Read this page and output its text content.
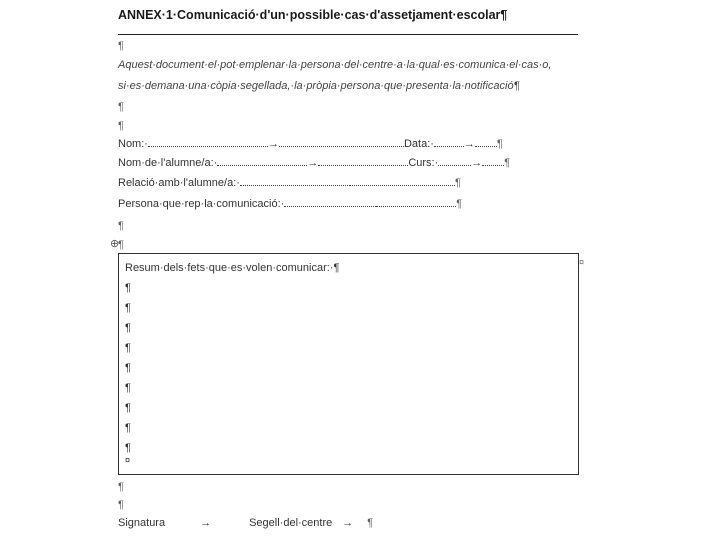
ANNEX·1·Comunicació·d'un·possible·cas·d'assetjament·escolar¶
¶
Aquest·document·el·pot·emplenar·la·persona·del·centre·a·la·qual·es·comunica·el·cas·o,
si·es·demana·una·còpia·segellada,·la·pròpia·persona·que·presenta·la·notificació¶
¶
¶
Nom:·	→	Data:·	→ ¶
Nom·de·l'alumne/a:·	→	Curs:·	→ ¶
Relació·amb·l'alumne/a:·	¶
Persona·que·rep·la·comunicació:·	¶
¶
⊕
¶
Resum·dels·fets·que·es·volen·comunicar:·¶
¶
¶
¶
¶
¶
¶
¶
¶
¶
¤
¤
¶
¶
Signatura	→	Segell·del·centre → ¶
